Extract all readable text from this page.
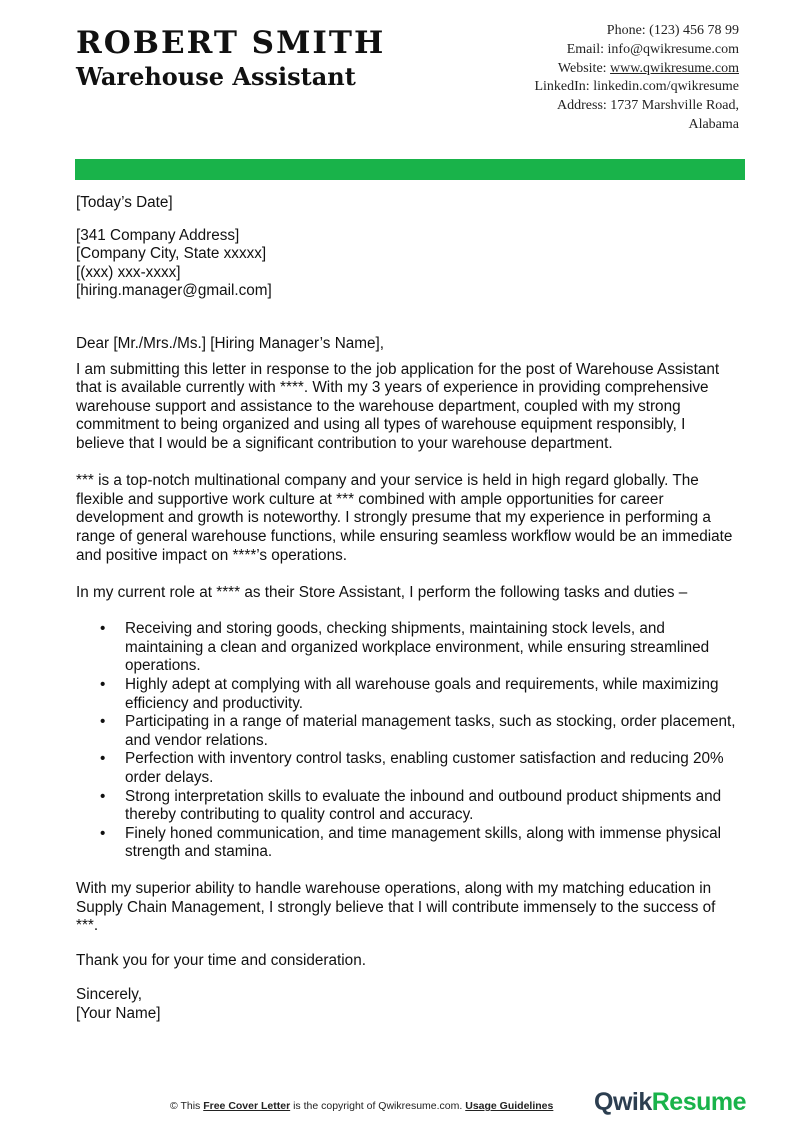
ROBERT SMITH
Warehouse Assistant
Phone: (123) 456 78 99
Email: info@qwikresume.com
Website: www.qwikresume.com
LinkedIn: linkedin.com/qwikresume
Address: 1737 Marshville Road,
Alabama

[Today’s Date]

[341 Company Address]

[Company City, State xxxxx]

[(xxx) xxx-xxxx]

[hiring.manager@gmail.com]

Dear [Mr./Mrs./Ms.] [Hiring Manager’s Name],

I am submitting this letter in response to the job application for the post of Warehouse Assistant that is available currently with ****. With my 3 years of experience in providing comprehensive warehouse support and assistance to the warehouse department, coupled with my strong commitment to being organized and using all types of warehouse equipment responsibly, I believe that I would be a significant contribution to your warehouse department.

*** is a top-notch multinational company and your service is held in high regard globally. The flexible and supportive work culture at *** combined with ample opportunities for career development and growth is noteworthy. I strongly presume that my experience in performing a range of general warehouse functions, while ensuring seamless workflow would be an immediate and positive impact on ****’s operations.

In my current role at **** as their Store Assistant, I perform the following tasks and duties –

• Receiving and storing goods, checking shipments, maintaining stock levels, and maintaining a clean and organized workplace environment, while ensuring streamlined operations.
• Highly adept at complying with all warehouse goals and requirements, while maximizing efficiency and productivity.
• Participating in a range of material management tasks, such as stocking, order placement, and vendor relations.
• Perfection with inventory control tasks, enabling customer satisfaction and reducing 20% order delays.
• Strong interpretation skills to evaluate the inbound and outbound product shipments and thereby contributing to quality control and accuracy.
• Finely honed communication, and time management skills, along with immense physical strength and stamina.

With my superior ability to handle warehouse operations, along with my matching education in Supply Chain Management, I strongly believe that I will contribute immensely to the success of ***.

Thank you for your time and consideration.

Sincerely,

[Your Name]

© This Free Cover Letter is the copyright of Qwikresume.com. Usage Guidelines QwikResume
